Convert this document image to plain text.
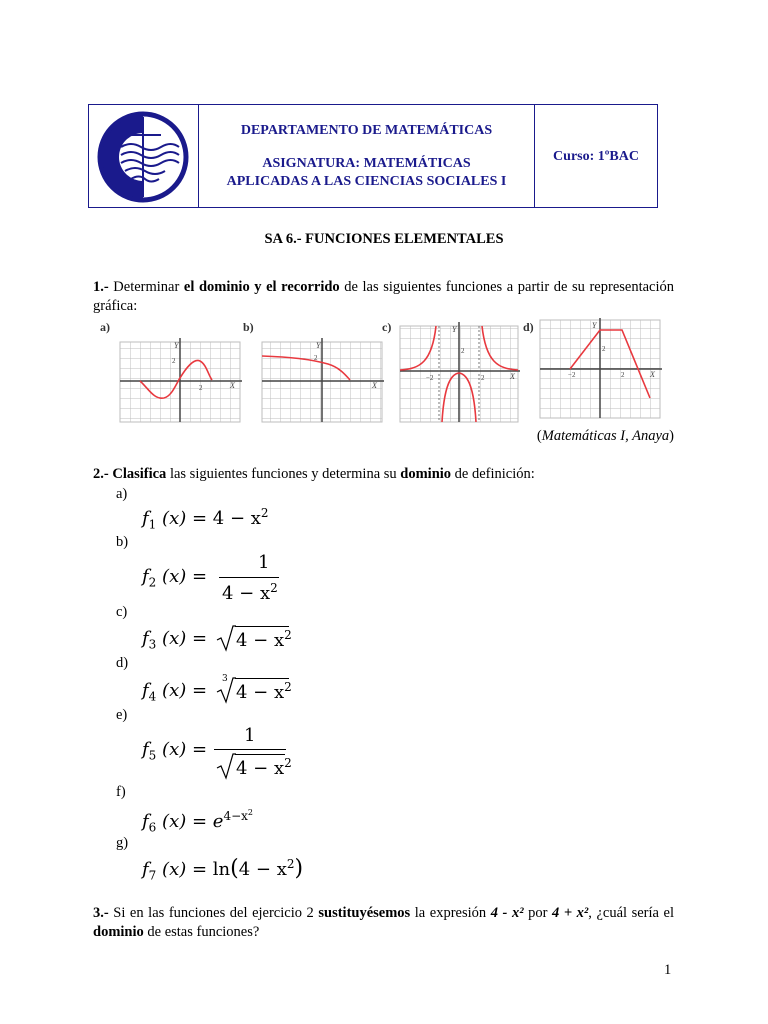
DEPARTAMENTO DE MATEMÁTICAS
ASIGNATURA: MATEMÁTICAS
APLICADAS A LAS CIENCIAS SOCIALES I
Curso: 1ºBAC
SA 6.- FUNCIONES ELEMENTALES
1.- Determinar el dominio y el recorrido de las siguientes funciones a partir de su representación gráfica:
a)	b)	c)	d)
Y
X
2
2
Y
X
2
Y
X
2
−2	2
Y
X
2
−2	2
(Matemáticas I, Anaya)
2.- Clasifica las siguientes funciones y determina su dominio de definición:
a)
b)
c)
d)
e)
f)
g)
$f_1$ $(x) = 4 - x^2$
$f_2$ (x) =
1
$4 - x^2$
$f_3$ $(x) = 4 - x^2$
$f_4$ (x) =
3
$4 - x^2$
$f_5$ (x) =
1
$4 - x^2$
$f_6$ $(x) = e^{4-x^2}$
$f_7$ $(x) = \ln(4 - x^2)$
3.- Si en las funciones del ejercicio 2 sustituyésemos la expresión 4 - x² por 4 + x², ¿cuál sería el dominio de estas funciones?
1
